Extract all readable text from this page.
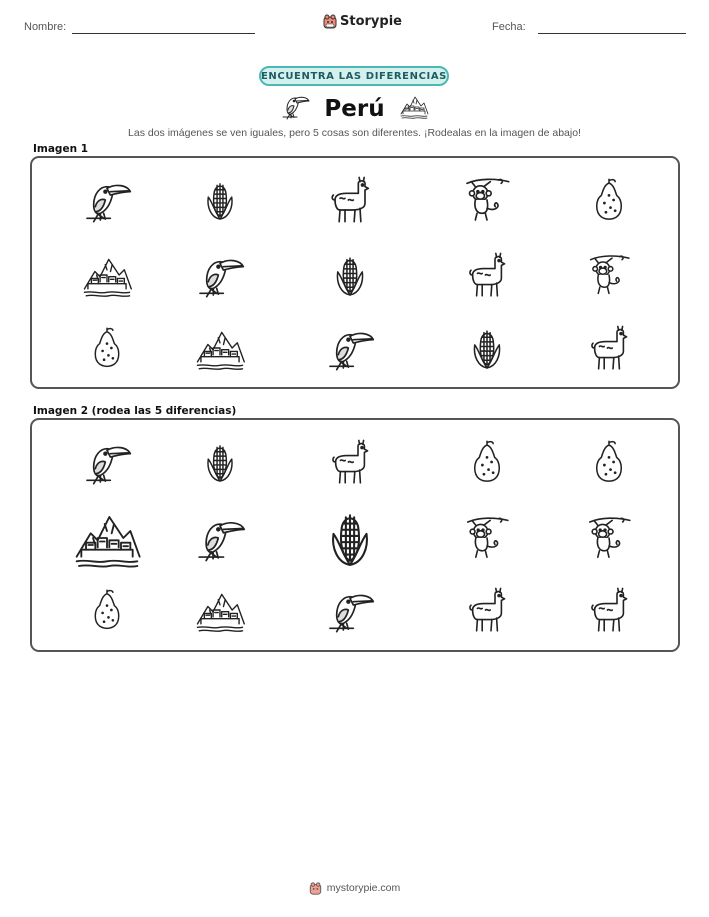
Nombre:	Storypie	Fecha:
ENCUENTRA LAS DIFERENCIAS
Perú
Las dos imágenes se ven iguales, pero 5 cosas son diferentes. ¡Rodealas en la imagen de abajo!
Imagen 1
Imagen 2 (rodea las 5 diferencias)
mystorypie.com
